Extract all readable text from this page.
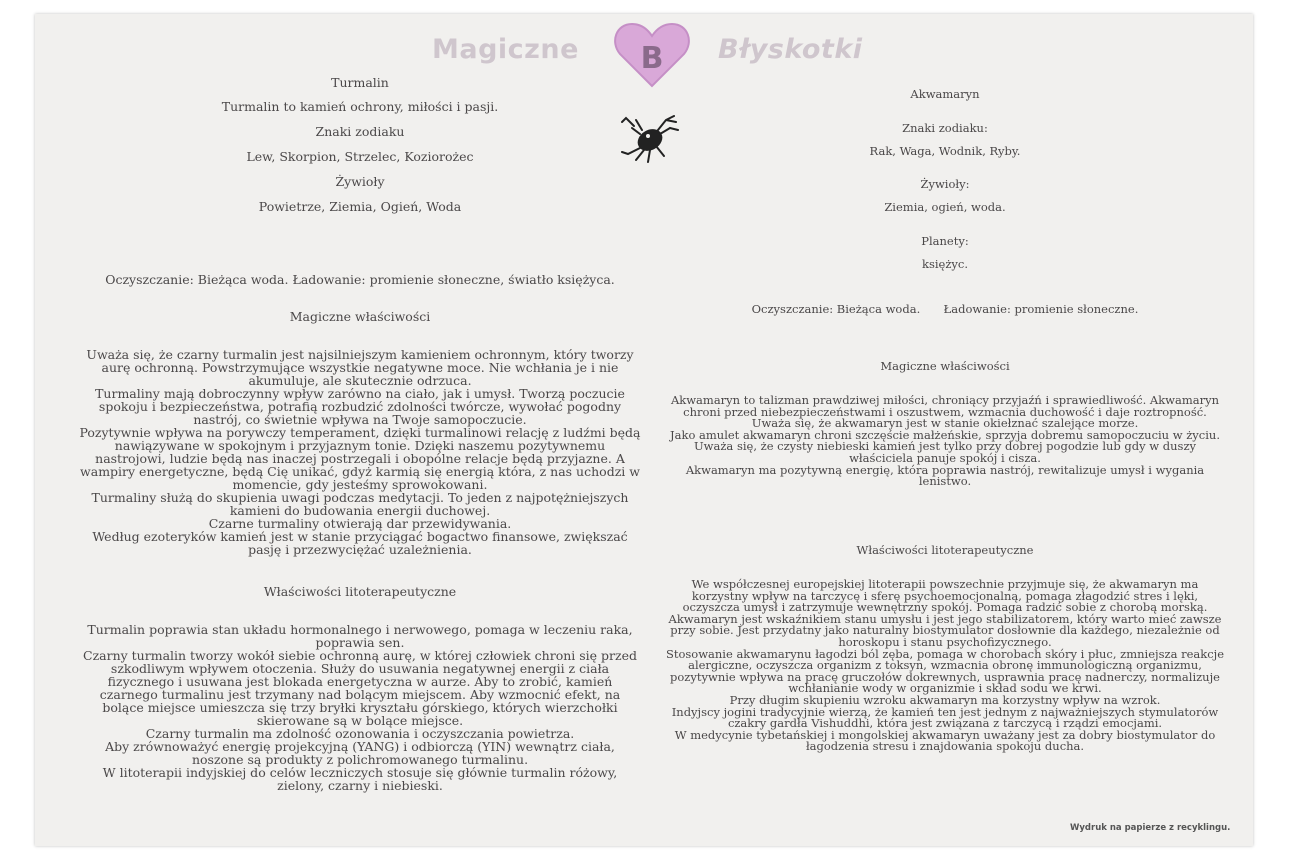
Magiczne B Błyskotki
Turmalin
Turmalin to kamień ochrony, miłości i pasji.
Znaki zodiaku
Lew, Skorpion, Strzelec, Koziorożec
Żywioły
Powietrze, Ziemia, Ogień, Woda
Oczyszczanie: Bieżąca woda. Ładowanie: promienie słoneczne, światło księżyca.
Magiczne właściwości

Uważa się, że czarny turmalin jest najsilniejszym kamieniem ochronnym, który tworzy

aurę ochronną. Powstrzymujące wszystkie negatywne moce. Nie wchłania je i nie

akumuluje, ale skutecznie odrzuca.

Turmaliny mają dobroczynny wpływ zarówno na ciało, jak i umysł. Tworzą poczucie

spokoju i bezpieczeństwa, potrafią rozbudzić zdolności twórcze, wywołać pogodny

nastrój, co świetnie wpływa na Twoje samopoczucie.

Pozytywnie wpływa na porywczy temperament, dzięki turmalinowi relację z ludźmi będą

nawiązywane w spokojnym i przyjaznym tonie. Dzięki naszemu pozytywnemu

nastrojowi, ludzie będą nas inaczej postrzegali i obopólne relacje będą przyjazne. A

wampiry energetyczne, będą Cię unikać, gdyż karmią się energią która, z nas uchodzi w

momencie, gdy jesteśmy sprowokowani.

Turmaliny służą do skupienia uwagi podczas medytacji. To jeden z najpotężniejszych

kamieni do budowania energii duchowej.

Czarne turmaliny otwierają dar przewidywania.

Według ezoteryków kamień jest w stanie przyciągać bogactwo finansowe, zwiększać

pasję i przezwyciężać uzależnienia.

Właściwości litoterapeutyczne

Turmalin poprawia stan układu hormonalnego i nerwowego, pomaga w leczeniu raka,

poprawia sen.

Czarny turmalin tworzy wokół siebie ochronną aurę, w której człowiek chroni się przed

szkodliwym wpływem otoczenia. Służy do usuwania negatywnej energii z ciała

fizycznego i usuwana jest blokada energetyczna w aurze. Aby to zrobić, kamień

czarnego turmalinu jest trzymany nad bolącym miejscem. Aby wzmocnić efekt, na

bolące miejsce umieszcza się trzy bryłki kryształu górskiego, których wierzchołki

skierowane są w bolące miejsce.

Czarny turmalin ma zdolność ozonowania i oczyszczania powietrza.

Aby zrównoważyć energię projekcyjną (YANG) i odbiorczą (YIN) wewnątrz ciała,

noszone są produkty z polichromowanego turmalinu.

W litoterapii indyjskiej do celów leczniczych stosuje się głównie turmalin różowy,

zielony, czarny i niebieski.

Akwamaryn
Znaki zodiaku:
Rak, Waga, Wodnik, Ryby.
Żywioły:
Ziemia, ogień, woda.
Planety:
księżyc.
Oczyszczanie: Bieżąca woda. Ładowanie: promienie słoneczne.
Magiczne właściwości

Akwamaryn to talizman prawdziwej miłości, chroniący przyjaźń i sprawiedliwość. Akwamaryn

chroni przed niebezpieczeństwami i oszustwem, wzmacnia duchowość i daje roztropność.

Uważa się, że akwamaryn jest w stanie okiełznać szalejące morze.

Jako amulet akwamaryn chroni szczęście małżeńskie, sprzyja dobremu samopoczuciu w życiu.

Uważa się, że czysty niebieski kamień jest tylko przy dobrej pogodzie lub gdy w duszy

właściciela panuje spokój i cisza.

Akwamaryn ma pozytywną energię, która poprawia nastrój, rewitalizuje umysł i wygania

lenistwo.

Właściwości litoterapeutyczne

We współczesnej europejskiej litoterapii powszechnie przyjmuje się, że akwamaryn ma

korzystny wpływ na tarczycę i sferę psychoemocjonalną, pomaga złagodzić stres i lęki,

oczyszcza umysł i zatrzymuje wewnętrzny spokój. Pomaga radzić sobie z chorobą morską.

Akwamaryn jest wskaźnikiem stanu umysłu i jest jego stabilizatorem, który warto mieć zawsze

przy sobie. Jest przydatny jako naturalny biostymulator dosłownie dla każdego, niezależnie od

horoskopu i stanu psychofizycznego.

Stosowanie akwamarynu łagodzi ból zęba, pomaga w chorobach skóry i płuc, zmniejsza reakcje

alergiczne, oczyszcza organizm z toksyn, wzmacnia obronę immunologiczną organizmu,

pozytywnie wpływa na pracę gruczołów dokrewnych, usprawnia pracę nadnerczy, normalizuje

wchłanianie wody w organizmie i skład sodu we krwi.

Przy długim skupieniu wzroku akwamaryn ma korzystny wpływ na wzrok.

Indyjscy jogini tradycyjnie wierzą, że kamień ten jest jednym z najważniejszych stymulatorów

czakry gardła Vishuddhi, która jest związana z tarczycą i rządzi emocjami.

W medycynie tybetańskiej i mongolskiej akwamaryn uważany jest za dobry biostymulator do

łagodzenia stresu i znajdowania spokoju ducha.

Wydruk na papierze z recyklingu.
